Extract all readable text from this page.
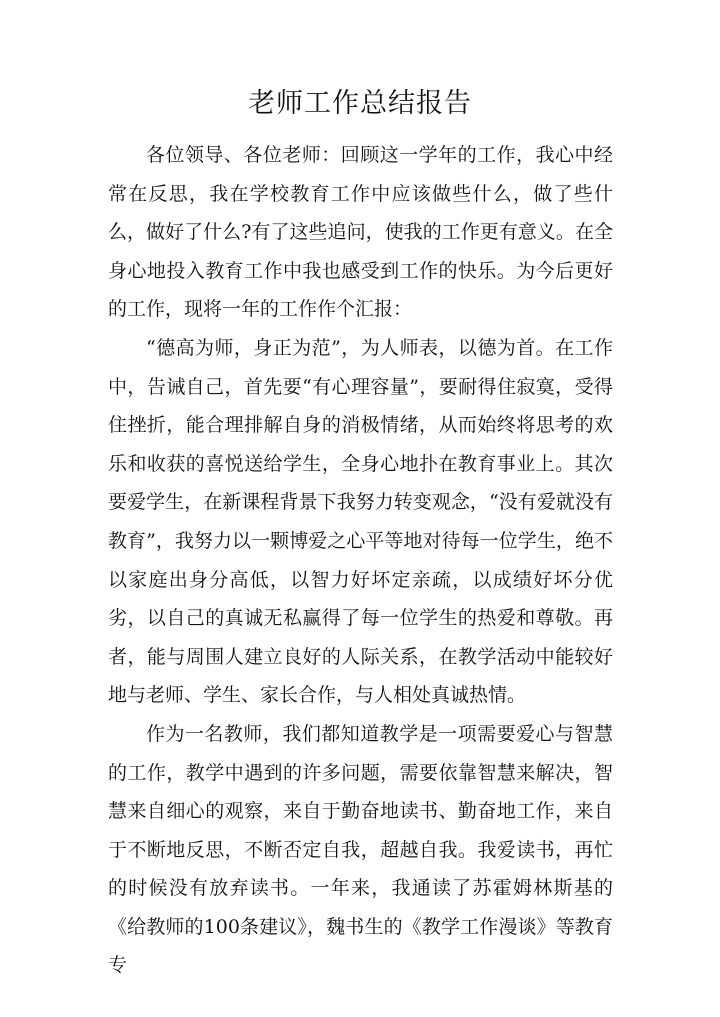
老师工作总结报告

各位领导、各位老师：回顾这一学年的工作，我心中经常在反思，我在学校教育工作中应该做些什么，做了些什么，做好了什么?有了这些追问，使我的工作更有意义。在全身心地投入教育工作中我也感受到工作的快乐。为今后更好的工作，现将一年的工作作个汇报：

“德高为师，身正为范”，为人师表，以德为首。在工作中，告诫自己，首先要“有心理容量”，要耐得住寂寞，受得住挫折，能合理排解自身的消极情绪，从而始终将思考的欢乐和收获的喜悦送给学生，全身心地扑在教育事业上。其次要爱学生，在新课程背景下我努力转变观念，“没有爱就没有教育”，我努力以一颗博爱之心平等地对待每一位学生，绝不以家庭出身分高低，以智力好坏定亲疏，以成绩好坏分优劣，以自己的真诚无私赢得了每一位学生的热爱和尊敬。再者，能与周围人建立良好的人际关系，在教学活动中能较好地与老师、学生、家长合作，与人相处真诚热情。

作为一名教师，我们都知道教学是一项需要爱心与智慧的工作，教学中遇到的许多问题，需要依靠智慧来解决，智慧来自细心的观察，来自于勤奋地读书、勤奋地工作，来自于不断地反思，不断否定自我，超越自我。我爱读书，再忙的时候没有放弃读书。一年来，我通读了苏霍姆林斯基的《给教师的100条建议》，魏书生的《教学工作漫谈》等教育专
